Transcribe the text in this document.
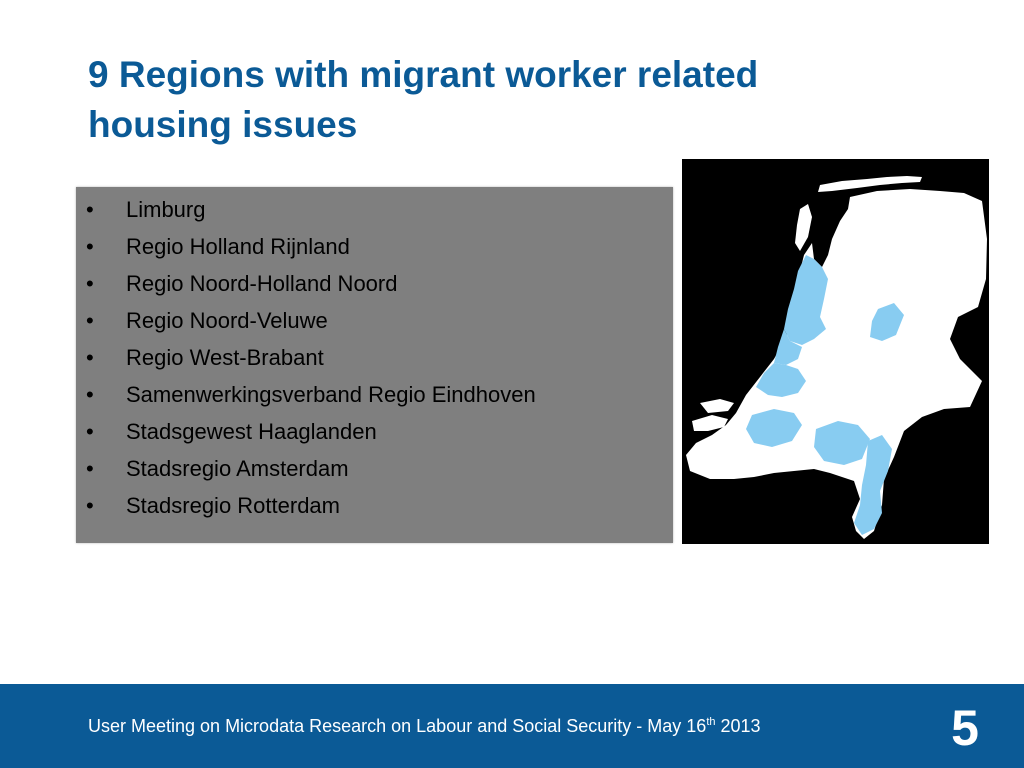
9 Regions with migrant worker related housing issues
•	Limburg
•	Regio Holland Rijnland
•	Regio Noord-Holland Noord
•	Regio Noord-Veluwe
•	Regio West-Brabant
•	Samenwerkingsverband Regio Eindhoven
•	Stadsgewest Haaglanden
•	Stadsregio Amsterdam
•	Stadsregio Rotterdam
User Meeting on Microdata Research on Labour and Social Security - May 16th 2013	5
